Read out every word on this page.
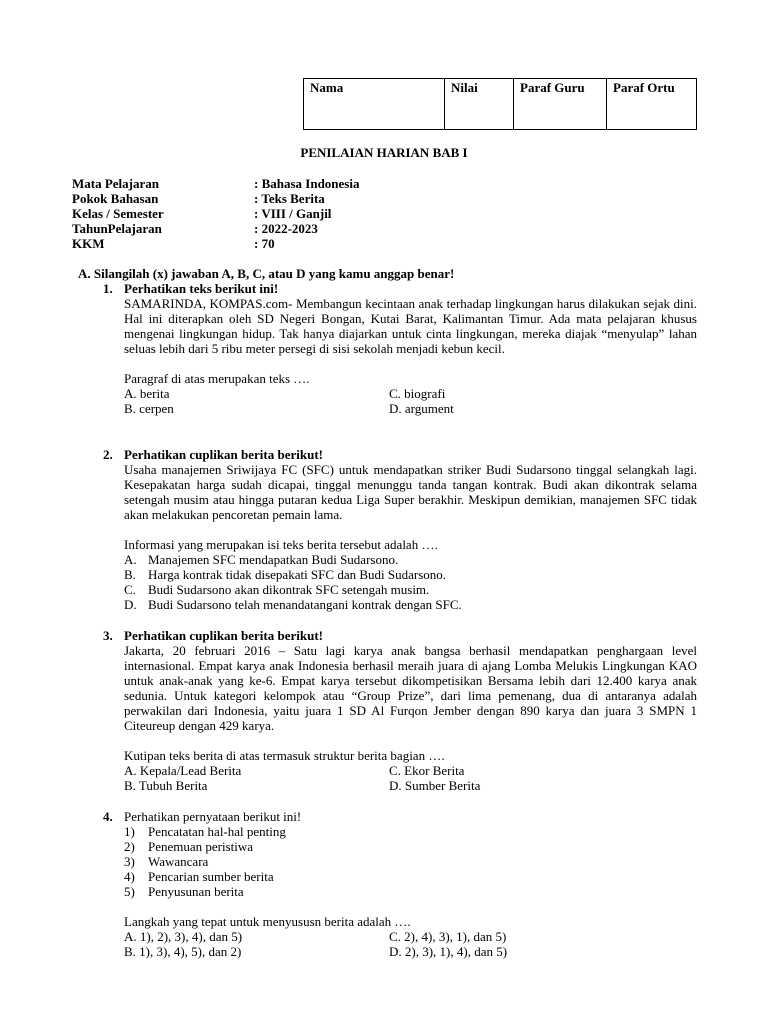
Nama	Nilai	Paraf Guru	Paraf Ortu
PENILAIAN HARIAN BAB I
Mata Pelajaran	: Bahasa Indonesia
Pokok Bahasan	: Teks Berita
Kelas / Semester	: VIII / Ganjil
TahunPelajaran	: 2022-2023
KKM	: 70
A. Silangilah (x) jawaban A, B, C, atau D yang kamu anggap benar!
1. Perhatikan teks berikut ini!
SAMARINDA, KOMPAS.com- Membangun kecintaan anak terhadap lingkungan harus dilakukan sejak dini. Hal ini diterapkan oleh SD Negeri Bongan, Kutai Barat, Kalimantan Timur. Ada mata pelajaran khusus mengenai lingkungan hidup. Tak hanya diajarkan untuk cinta lingkungan, mereka diajak “menyulap” lahan seluas lebih dari 5 ribu meter persegi di sisi sekolah menjadi kebun kecil.
Paragraf di atas merupakan teks ….
A. berita	C. biografi
B. cerpen	D. argument
2. Perhatikan cuplikan berita berikut!
Usaha manajemen Sriwijaya FC (SFC) untuk mendapatkan striker Budi Sudarsono tinggal selangkah lagi. Kesepakatan harga sudah dicapai, tinggal menunggu tanda tangan kontrak. Budi akan dikontrak selama setengah musim atau hingga putaran kedua Liga Super berakhir. Meskipun demikian, manajemen SFC tidak akan melakukan pencoretan pemain lama.
Informasi yang merupakan isi teks berita tersebut adalah ….
A. Manajemen SFC mendapatkan Budi Sudarsono.
B. Harga kontrak tidak disepakati SFC dan Budi Sudarsono.
C. Budi Sudarsono akan dikontrak SFC setengah musim.
D. Budi Sudarsono telah menandatangani kontrak dengan SFC.
3. Perhatikan cuplikan berita berikut!
Jakarta, 20 februari 2016 – Satu lagi karya anak bangsa berhasil mendapatkan penghargaan level internasional. Empat karya anak Indonesia berhasil meraih juara di ajang Lomba Melukis Lingkungan KAO untuk anak-anak yang ke-6. Empat karya tersebut dikompetisikan Bersama lebih dari 12.400 karya anak sedunia. Untuk kategori kelompok atau “Group Prize”, dari lima pemenang, dua di antaranya adalah perwakilan dari Indonesia, yaitu juara 1 SD Al Furqon Jember dengan 890 karya dan juara 3 SMPN 1 Citeureup dengan 429 karya.
Kutipan teks berita di atas termasuk struktur berita bagian ….
A. Kepala/Lead Berita	C. Ekor Berita
B. Tubuh Berita	D. Sumber Berita
4. Perhatikan pernyataan berikut ini!
1) Pencatatan hal-hal penting
2) Penemuan peristiwa
3) Wawancara
4) Pencarian sumber berita
5) Penyusunan berita
Langkah yang tepat untuk menyususn berita adalah ….
A. 1), 2), 3), 4), dan 5)	C. 2), 4), 3), 1), dan 5)
B. 1), 3), 4), 5), dan 2)	D. 2), 3), 1), 4), dan 5)
